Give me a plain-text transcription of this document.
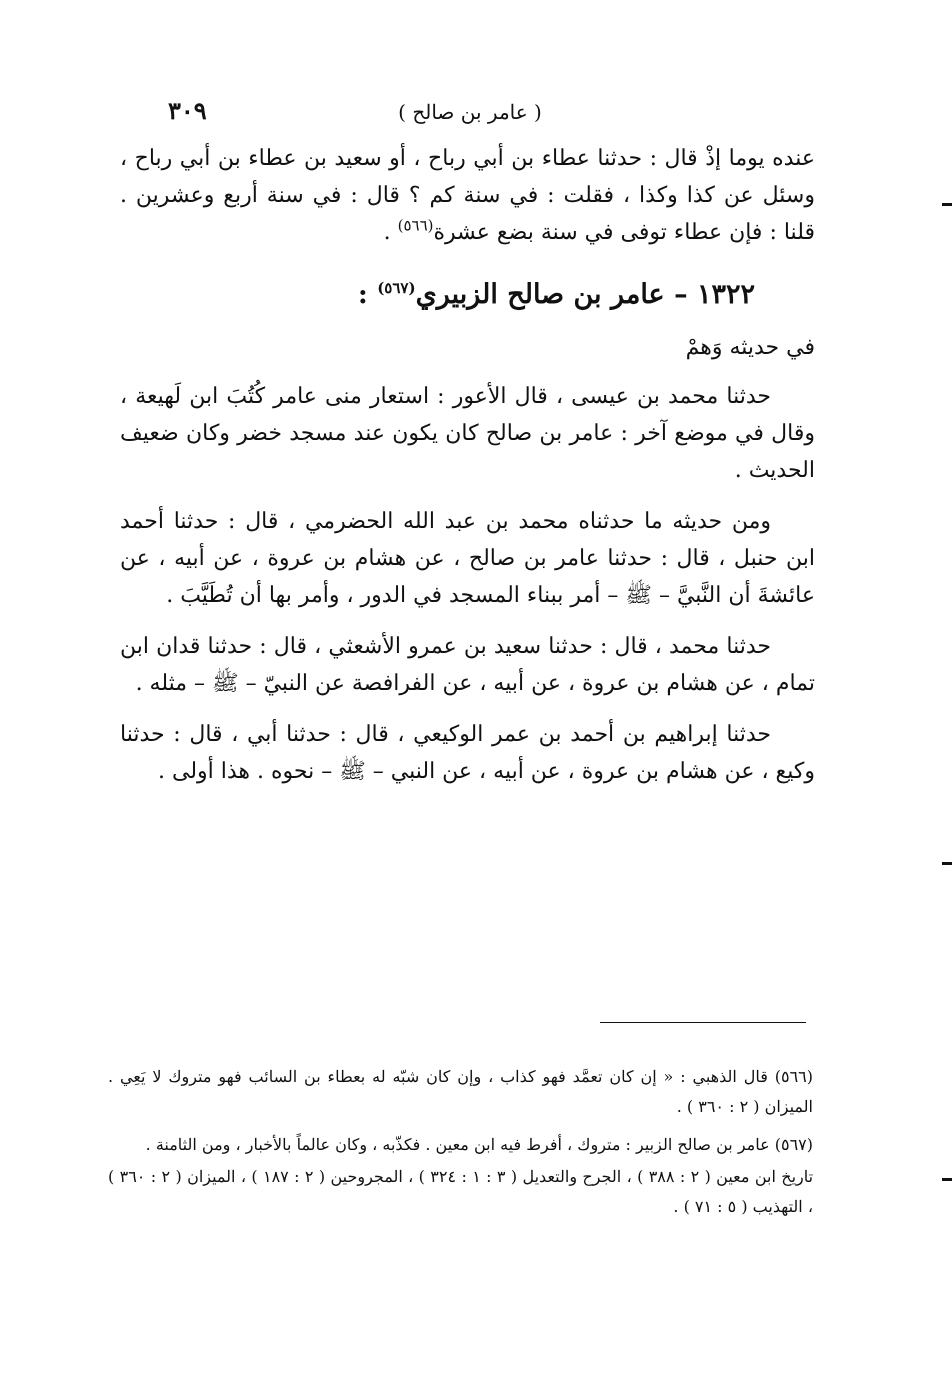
٣٠٩	( عامر بن صالح )

عنده يوما إذْ قال : حدثنا عطاء بن أبي رباح ، أو سعيد بن عطاء بن أبي رباح ، وسئل عن كذا وكذا ، فقلت : في سنة كم ؟ قال : في سنة أربع وعشرين . قلنا : فإن عطاء توفى في سنة بضع عشرة$^{(٥٦٦)}$ .

١٣٢٢ – عامر بن صالح الزبيري$^{(٥٦٧)}$ :

في حديثه وَهمْ

حدثنا محمد بن عيسى ، قال الأعور : استعار منى عامر كُتُبَ ابن لَهيعة ، وقال في موضع آخر : عامر بن صالح كان يكون عند مسجد خضر وكان ضعيف الحديث .

ومن حديثه ما حدثناه محمد بن عبد الله الحضرمي ، قال : حدثنا أحمد ابن حنبل ، قال : حدثنا عامر بن صالح ، عن هشام بن عروة ، عن أبيه ، عن عائشةَ أن النَّبيَّ – ﷺ – أمر ببناء المسجد في الدور ، وأمر بها أن تُطَيَّبَ .

حدثنا محمد ، قال : حدثنا سعيد بن عمرو الأشعثي ، قال : حدثنا قدان ابن تمام ، عن هشام بن عروة ، عن أبيه ، عن الفرافصة عن النبيّ – ﷺ – مثله .

حدثنا إبراهيم بن أحمد بن عمر الوكيعي ، قال : حدثنا أبي ، قال : حدثنا وكيع ، عن هشام بن عروة ، عن أبيه ، عن النبي – ﷺ – نحوه . هذا أولى .

(٥٦٦) قال الذهبي : « إن كان تعمَّد فهو كذاب ، وإن كان شبّه له بعطاء بن السائب فهو متروك لا يَعِي . الميزان ( ٢ : ٣٦٠ ) .

(٥٦٧) عامر بن صالح الزبير : متروك ، أفرط فيه ابن معين . فكذّبه ، وكان عالماً بالأخبار ، ومن الثامنة .

تاريخ ابن معين ( ٢ : ٣٨٨ ) ، الجرح والتعديل ( ٣ : ١ : ٣٢٤ ) ، المجروحين ( ٢ : ١٨٧ ) ، الميزان ( ٢ : ٣٦٠ ) ، التهذيب ( ٥ : ٧١ ) .
